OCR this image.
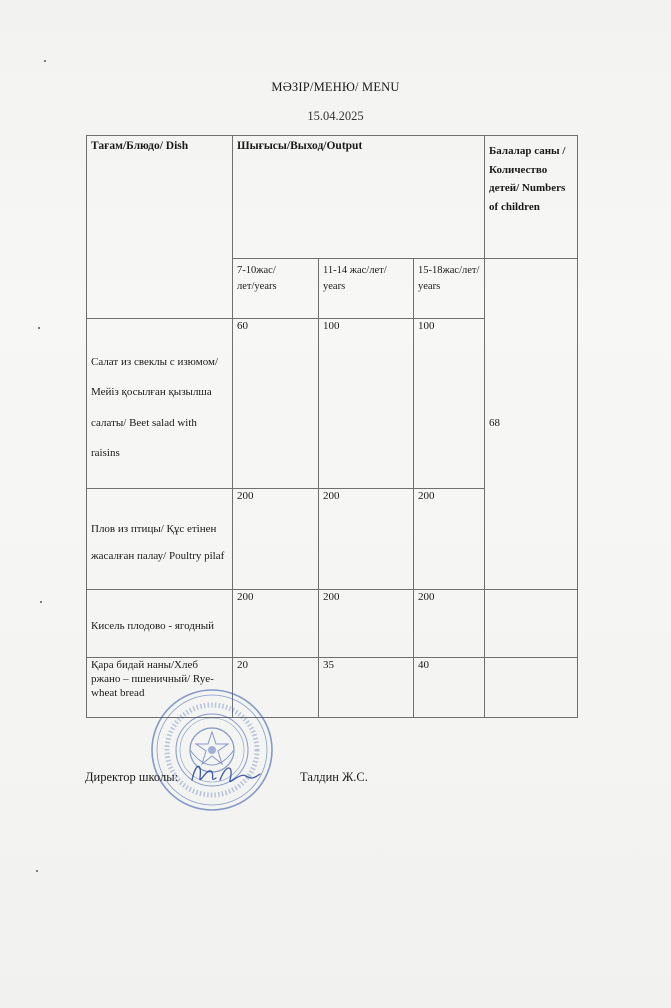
МӘЗІР/МЕНЮ/ MENU
15.04.2025
Тағам/Блюдо/ Dish	Шығысы/Выход/Output			Балалар саны /Количество детей/ Numbers of children
	7-10жас/лет/years	11-14 жас/лет/ years	15-18жас/лет/ years	68
Салат из свеклы с изюмом/ Мейіз қосылған қызылша салаты/ Beet salad with raisins	60	100	100	
Плов из птицы/ Құс етінен жасалған палау/ Poultry pilaf	200	200	200	
Кисель плодово - ягодный	200	200	200	
Қара бидай наны/Хлеб ржано – пшеничный/ Rye-wheat bread	20	35	40	
Директор школы:	Талдин Ж.С.
